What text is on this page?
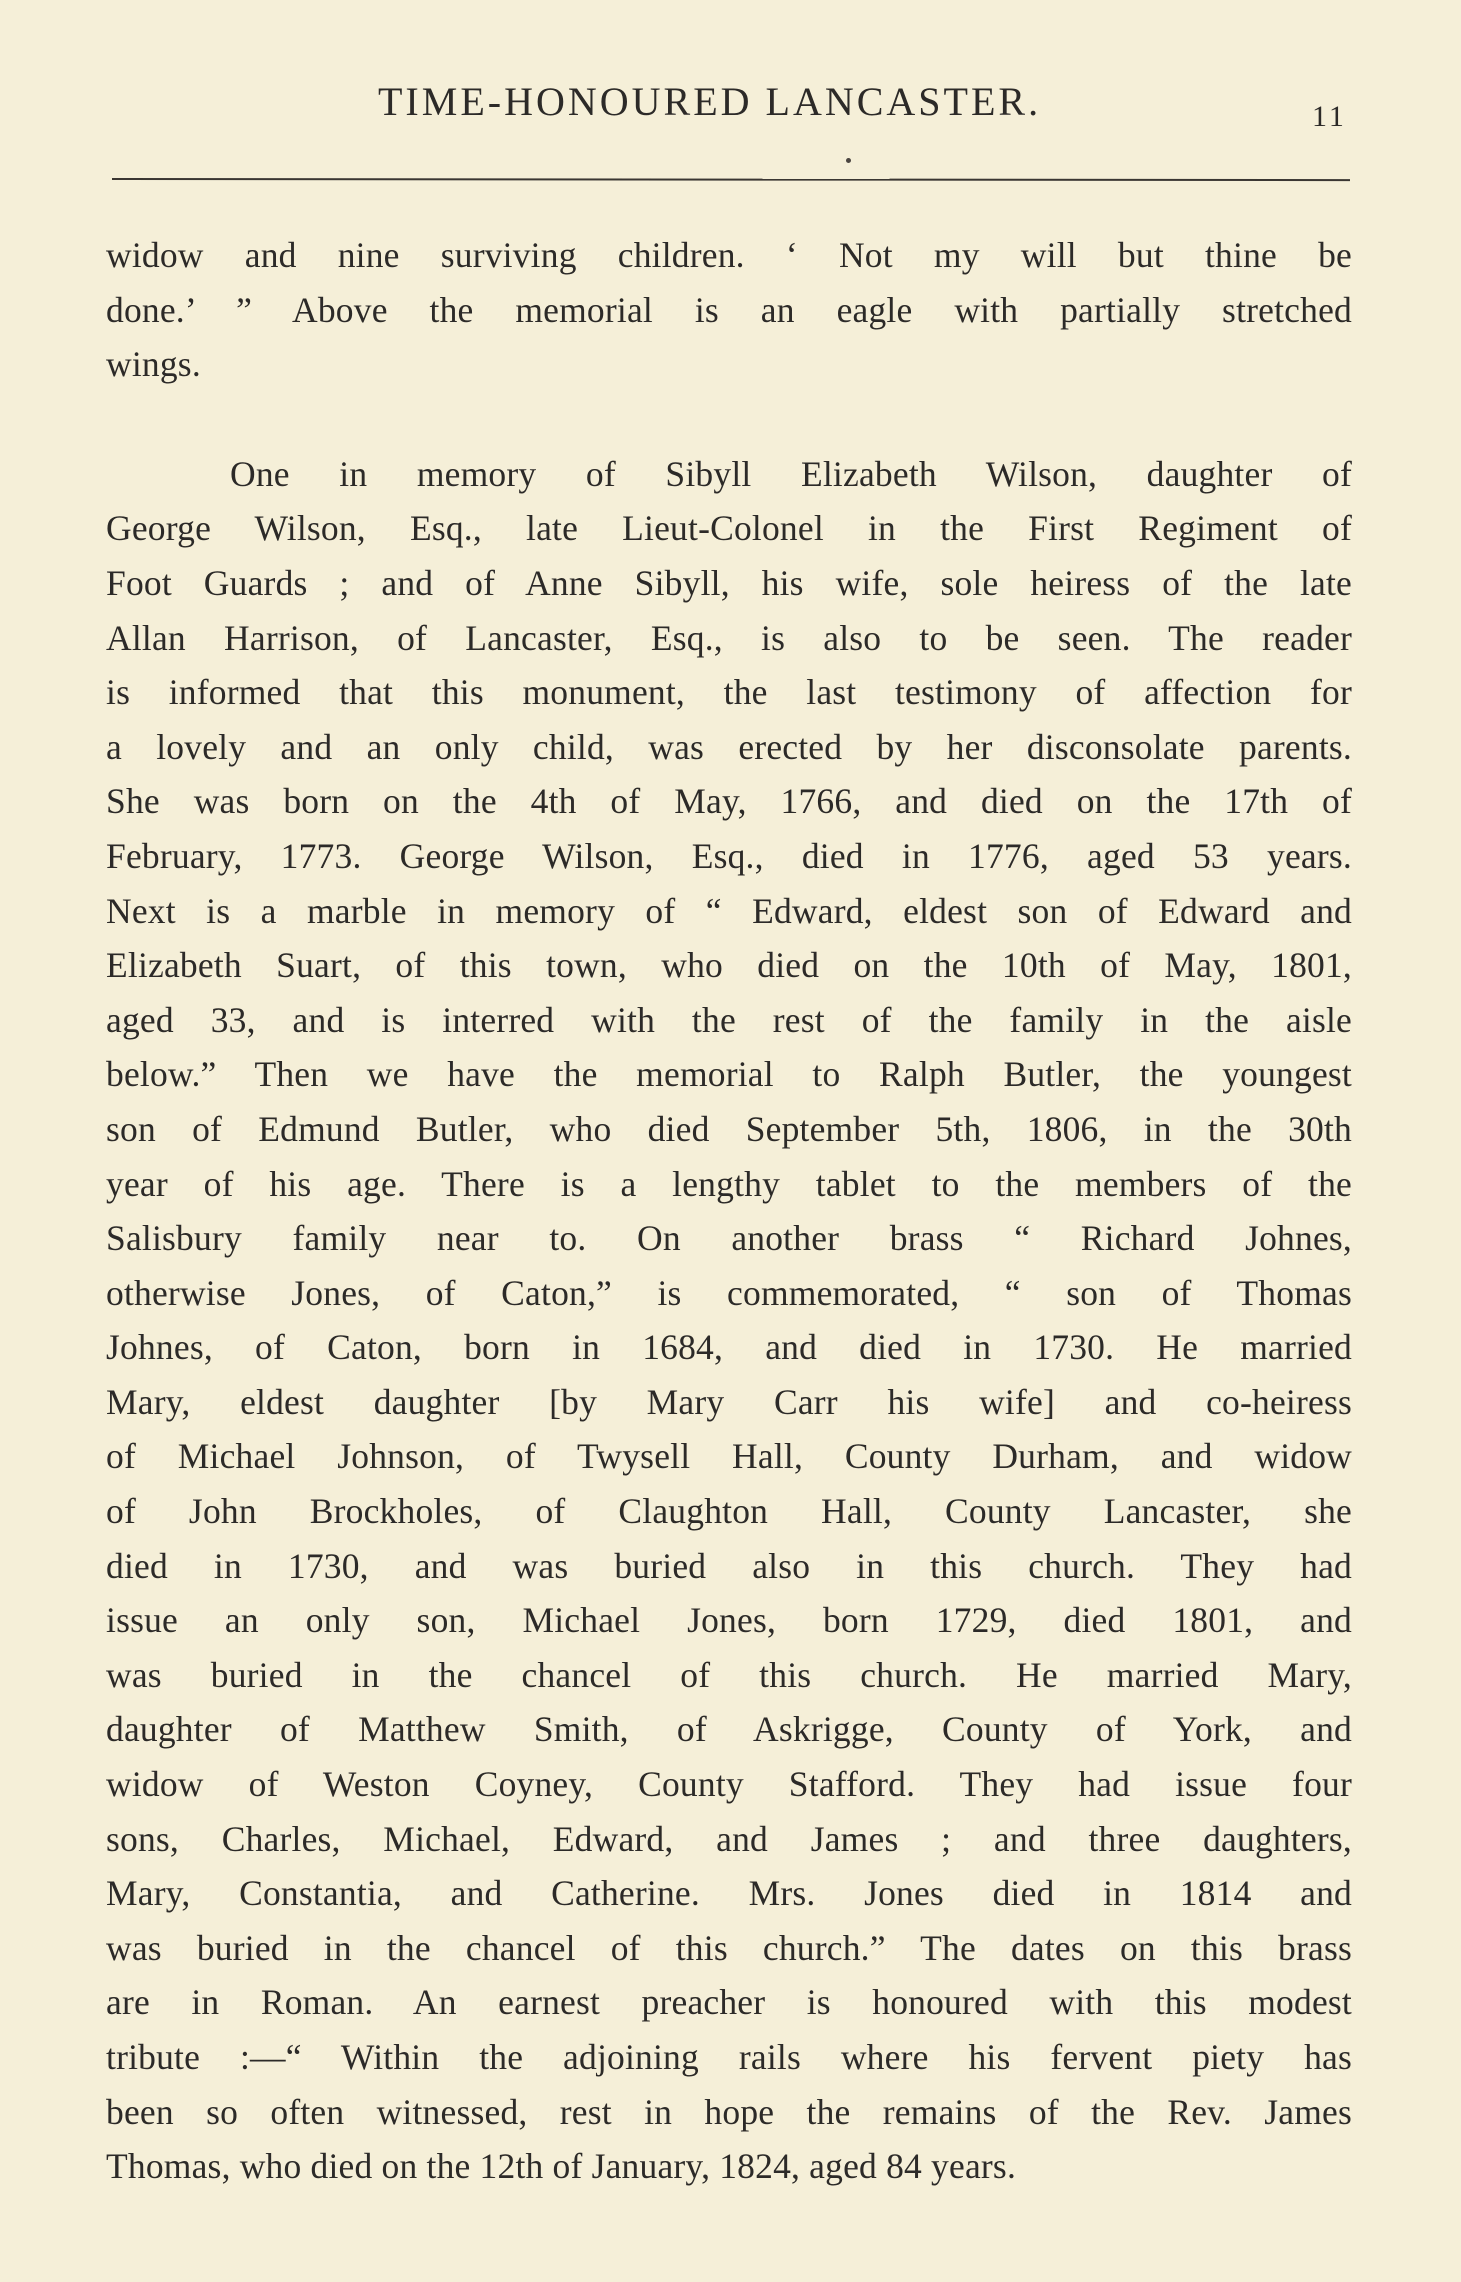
TIME-HONOURED LANCASTER.	11
widow and nine surviving children. ‘ Not my will but thine be
done.’ ” Above the memorial is an eagle with partially stretched
wings.
One in memory of Sibyll Elizabeth Wilson, daughter of
George Wilson, Esq., late Lieut-Colonel in the First Regiment of
Foot Guards ; and of Anne Sibyll, his wife, sole heiress of the late
Allan Harrison, of Lancaster, Esq., is also to be seen. The reader
is informed that this monument, the last testimony of affection for
a lovely and an only child, was erected by her disconsolate parents.
She was born on the 4th of May, 1766, and died on the 17th of
February, 1773. George Wilson, Esq., died in 1776, aged 53 years.
Next is a marble in memory of “ Edward, eldest son of Edward and
Elizabeth Suart, of this town, who died on the 10th of May, 1801,
aged 33, and is interred with the rest of the family in the aisle
below.” Then we have the memorial to Ralph Butler, the youngest
son of Edmund Butler, who died September 5th, 1806, in the 30th
year of his age. There is a lengthy tablet to the members of the
Salisbury family near to. On another brass “ Richard Johnes,
otherwise Jones, of Caton,” is commemorated, “ son of Thomas
Johnes, of Caton, born in 1684, and died in 1730. He married
Mary, eldest daughter [by Mary Carr his wife] and co-heiress
of Michael Johnson, of Twysell Hall, County Durham, and widow
of John Brockholes, of Claughton Hall, County Lancaster, she
died in 1730, and was buried also in this church. They had
issue an only son, Michael Jones, born 1729, died 1801, and
was buried in the chancel of this church. He married Mary,
daughter of Matthew Smith, of Askrigge, County of York, and
widow of Weston Coyney, County Stafford. They had issue four
sons, Charles, Michael, Edward, and James ; and three daughters,
Mary, Constantia, and Catherine. Mrs. Jones died in 1814 and
was buried in the chancel of this church.” The dates on this brass
are in Roman. An earnest preacher is honoured with this modest
tribute :—“ Within the adjoining rails where his fervent piety has
been so often witnessed, rest in hope the remains of the Rev. James
Thomas, who died on the 12th of January, 1824, aged 84 years.
